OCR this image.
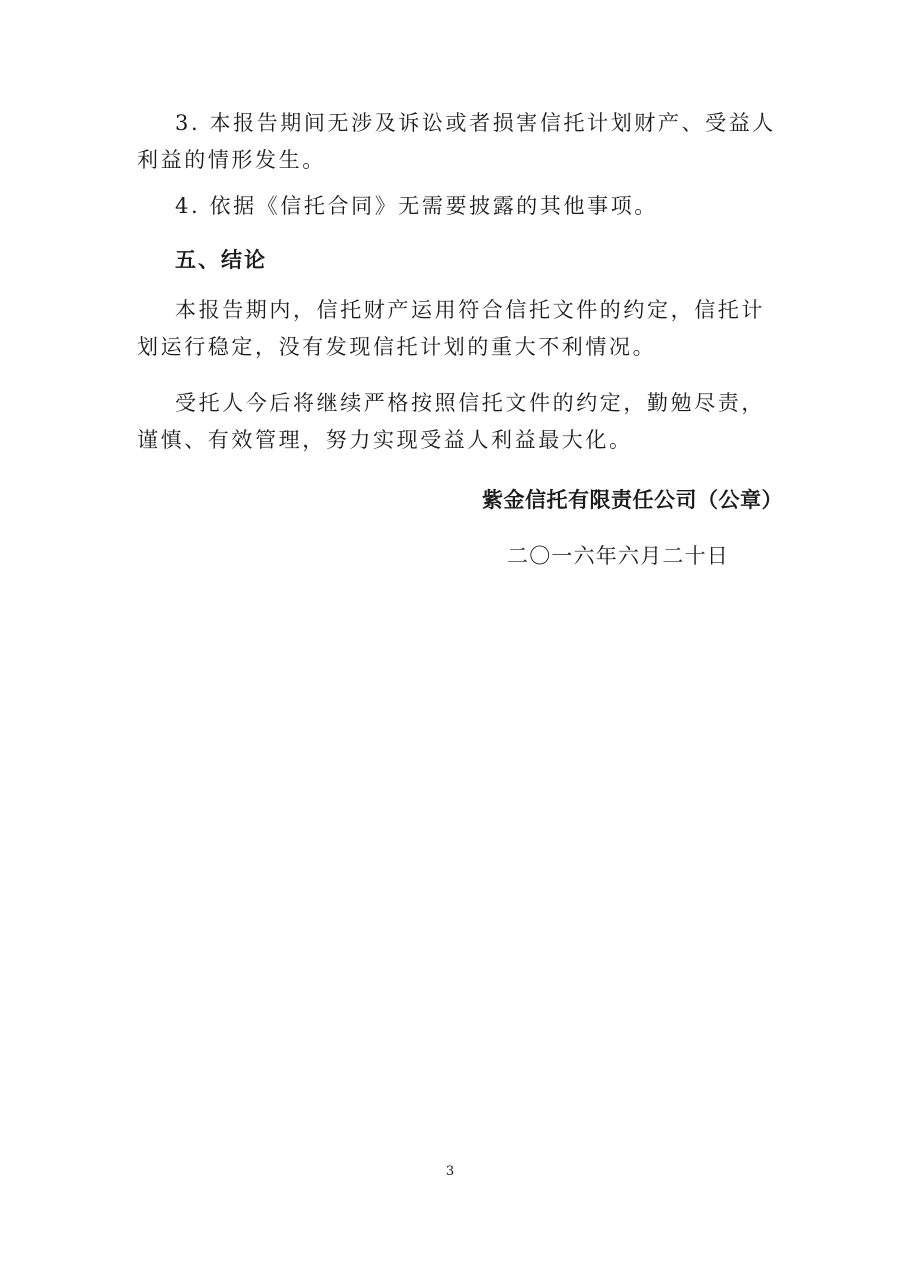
3. 本报告期间无涉及诉讼或者损害信托计划财产、受益人利益的情形发生。

4. 依据《信托合同》无需要披露的其他事项。

五、结论

本报告期内，信托财产运用符合信托文件的约定，信托计划运行稳定，没有发现信托计划的重大不利情况。

受托人今后将继续严格按照信托文件的约定，勤勉尽责，谨慎、有效管理，努力实现受益人利益最大化。

紫金信托有限责任公司（公章）

二〇一六年六月二十日

3
